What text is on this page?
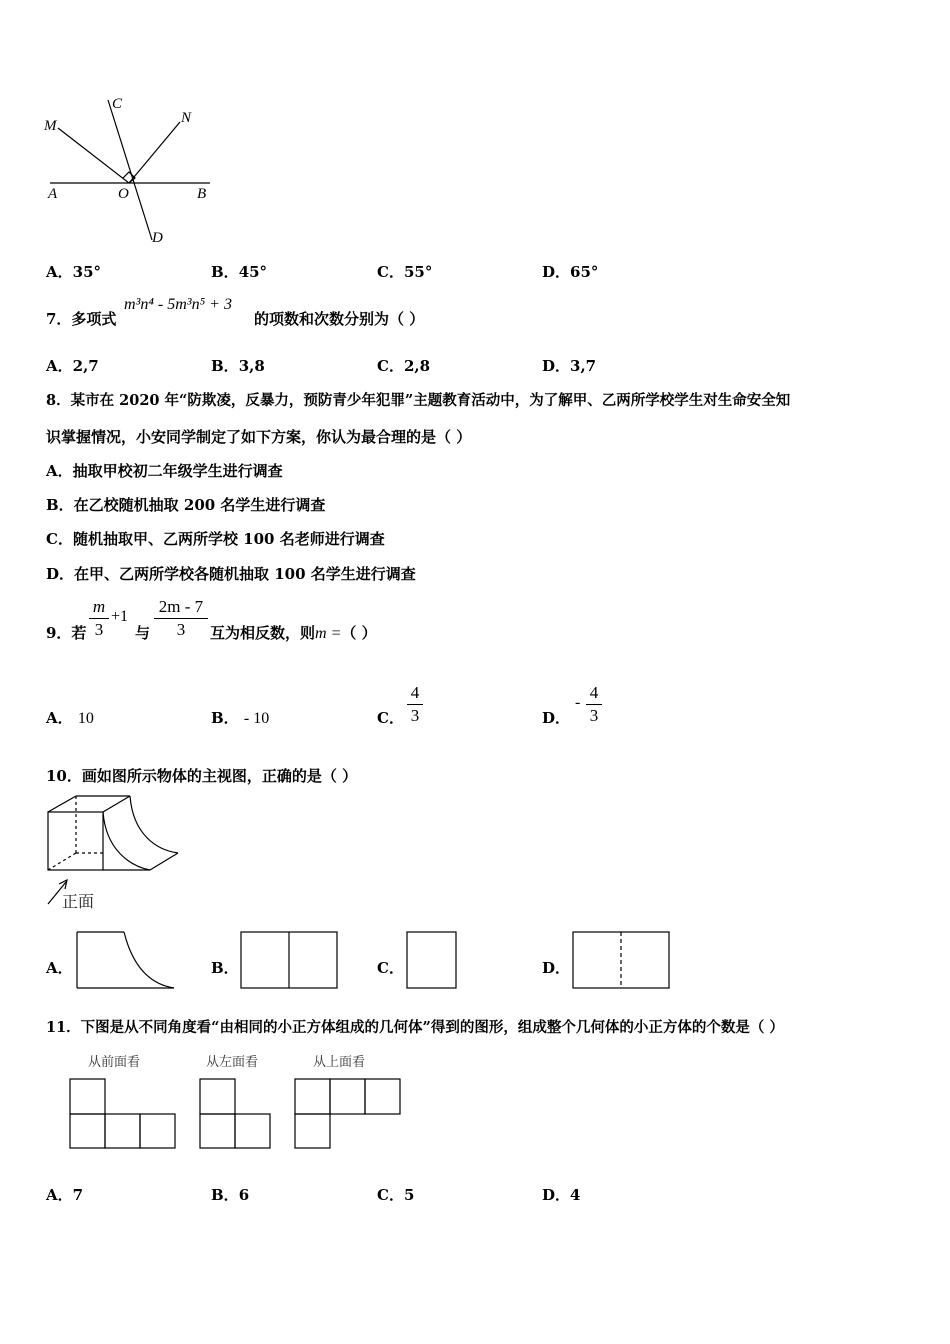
M
C
N
A	O	B
D
A．35°	B．45°	C．55°	D．65°
7．多项式
m³n⁴ - 5m³n⁵ + 3
的项数和次数分别为（ ）
A．2,7	B．3,8	C．2,8	D．3,7
8．某市在 2020 年“防欺凌，反暴力，预防青少年犯罪”主题教育活动中，为了解甲、乙两所学校学生对生命安全知
识掌握情况，小安同学制定了如下方案，你认为最合理的是（ ）
A．抽取甲校初二年级学生进行调查
B．在乙校随机抽取 200 名学生进行调查
C．随机抽取甲、乙两所学校 100 名老师进行调查
D．在甲、乙两所学校各随机抽取 100 名学生进行调查
9．若
m
3
+1
与
2m - 7
3	互为相反数，则m =（ ）
A． 10	B． - 10	C．
4
3	D．
-
4
3
10．画如图所示物体的主视图，正确的是（ ）
正面
A．	B．	C．	D．
11．下图是从不同角度看“由相同的小正方体组成的几何体”得到的图形，组成整个几何体的小正方体的个数是（ ）
从前面看	从左面看	从上面看
A．7	B．6	C．5	D．4
